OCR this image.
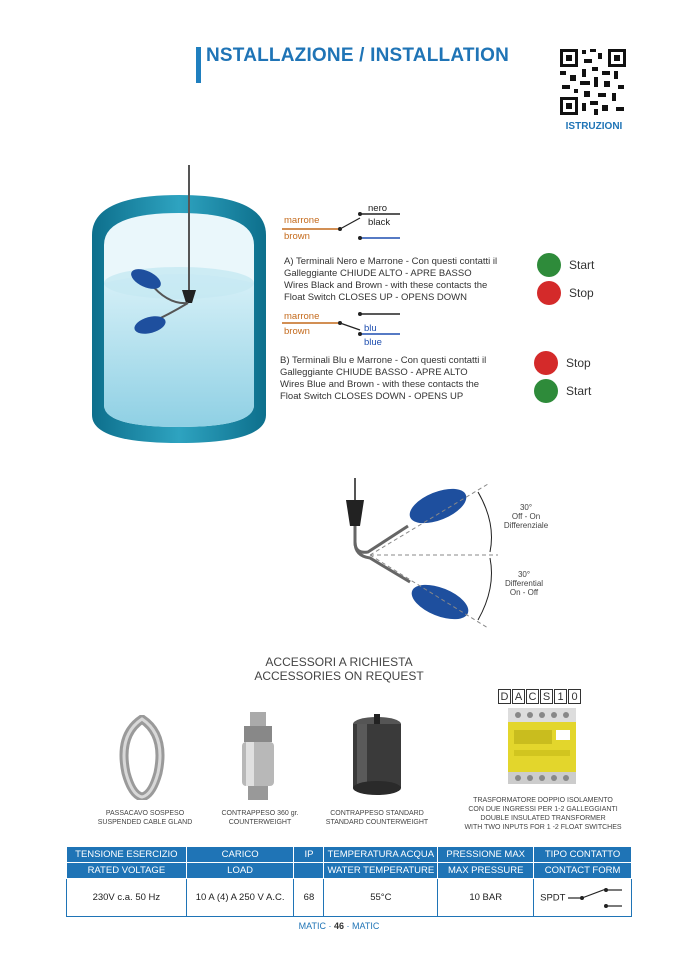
NSTALLAZIONE / INSTALLATION
ISTRUZIONI
nero
black
marrone
brown
A) Terminali Nero e Marrone - Con questi contatti il
Galleggiante CHIUDE ALTO - APRE BASSO
Wires Black and Brown - with these contacts the
Float Switch CLOSES UP - OPENS DOWN
Start
Stop
marrone
brown	blu
blue
B) Terminali Blu e Marrone - Con questi contatti il
Galleggiante CHIUDE BASSO - APRE ALTO
Wires Blue and Brown - with these contacts the
Float Switch CLOSES DOWN - OPENS UP
Stop
Start
30°
Off - On
Differenziale
30°
Differential
On - Off
ACCESSORI A RICHIESTA
ACCESSORIES ON REQUEST
PASSACAVO SOSPESO
SUSPENDED CABLE GLAND
CONTRAPPESO 360 gr.
COUNTERWEIGHT
CONTRAPPESO STANDARD
STANDARD COUNTERWEIGHT
D A C S 1 0
TRASFORMATORE DOPPIO ISOLAMENTO
CON DUE INGRESSI PER 1-2 GALLEGGIANTI
DOUBLE INSULATED TRANSFORMER
WITH TWO INPUTS FOR 1 -2 FLOAT SWITCHES
TENSIONE ESERCIZIO	CARICO	IP	TEMPERATURA ACQUA	PRESSIONE MAX	TIPO CONTATTO
RATED VOLTAGE	LOAD		WATER TEMPERATURE	MAX PRESSURE	CONTACT FORM
230V c.a. 50 Hz	10 A (4) A 250 V A.C.	68	55°C	10 BAR	SPDT
MATIC · 46 · MATIC
